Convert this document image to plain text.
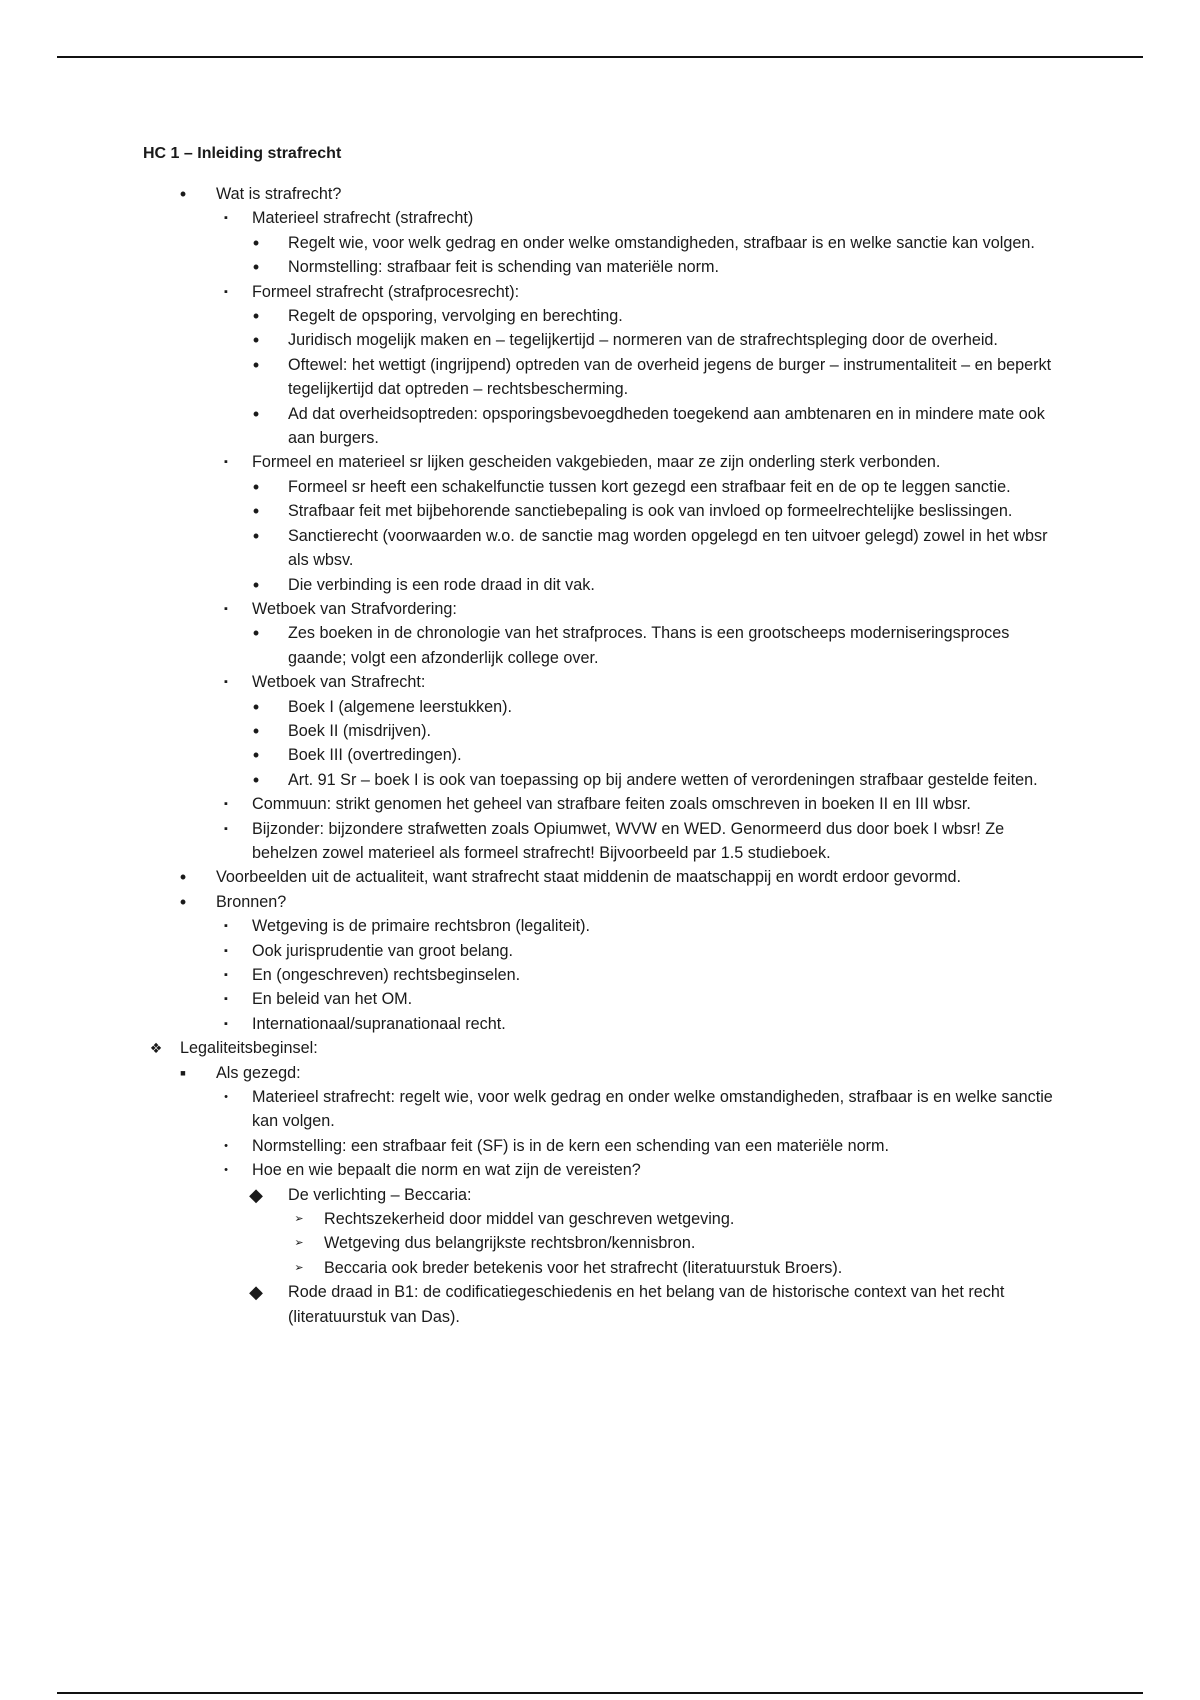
HC 1 – Inleiding strafrecht
•	Wat is strafrecht?
▪	Materieel strafrecht (strafrecht)
•	Regelt wie, voor welk gedrag en onder welke omstandigheden, strafbaar is en welke sanctie kan volgen.
•	Normstelling: strafbaar feit is schending van materiële norm.
▪	Formeel strafrecht (strafprocesrecht):
•	Regelt de opsporing, vervolging en berechting.
•	Juridisch mogelijk maken en – tegelijkertijd – normeren van de strafrechtspleging door de overheid.
•	Oftewel: het wettigt (ingrijpend) optreden van de overheid jegens de burger – instrumentaliteit – en beperkt tegelijkertijd dat optreden – rechtsbescherming.
•	Ad dat overheidsoptreden: opsporingsbevoegdheden toegekend aan ambtenaren en in mindere mate ook aan burgers.
▪	Formeel en materieel sr lijken gescheiden vakgebieden, maar ze zijn onderling sterk verbonden.
•	Formeel sr heeft een schakelfunctie tussen kort gezegd een strafbaar feit en de op te leggen sanctie.
•	Strafbaar feit met bijbehorende sanctiebepaling is ook van invloed op formeelrechtelijke beslissingen.
•	Sanctierecht (voorwaarden w.o. de sanctie mag worden opgelegd en ten uitvoer gelegd) zowel in het wbsr als wbsv.
•	Die verbinding is een rode draad in dit vak.
▪	Wetboek van Strafvordering:
•	Zes boeken in de chronologie van het strafproces. Thans is een grootscheeps moderniseringsproces gaande; volgt een afzonderlijk college over.
▪	Wetboek van Strafrecht:
•	Boek I (algemene leerstukken).
•	Boek II (misdrijven).
•	Boek III (overtredingen).
•	Art. 91 Sr – boek I is ook van toepassing op bij andere wetten of verordeningen strafbaar gestelde feiten.
▪	Commuun: strikt genomen het geheel van strafbare feiten zoals omschreven in boeken II en III wbsr.
▪	Bijzonder: bijzondere strafwetten zoals Opiumwet, WVW en WED. Genormeerd dus door boek I wbsr! Ze behelzen zowel materieel als formeel strafrecht! Bijvoorbeeld par 1.5 studieboek.
•	Voorbeelden uit de actualiteit, want strafrecht staat middenin de maatschappij en wordt erdoor gevormd.
•	Bronnen?
▪	Wetgeving is de primaire rechtsbron (legaliteit).
▪	Ook jurisprudentie van groot belang.
▪	En (ongeschreven) rechtsbeginselen.
▪	En beleid van het OM.
▪	Internationaal/supranationaal recht.
❖ Legaliteitsbeginsel:
▪	Als gezegd:
•	Materieel strafrecht: regelt wie, voor welk gedrag en onder welke omstandigheden, strafbaar is en welke sanctie kan volgen.
•	Normstelling: een strafbaar feit (SF) is in de kern een schending van een materiële norm.
•	Hoe en wie bepaalt die norm en wat zijn de vereisten?
◆ De verlichting – Beccaria:
➢	Rechtszekerheid door middel van geschreven wetgeving.
➢	Wetgeving dus belangrijkste rechtsbron/kennisbron.
➢	Beccaria ook breder betekenis voor het strafrecht (literatuurstuk Broers).
◆ Rode draad in B1: de codificatiegeschiedenis en het belang van de historische context van het recht (literatuurstuk van Das).
